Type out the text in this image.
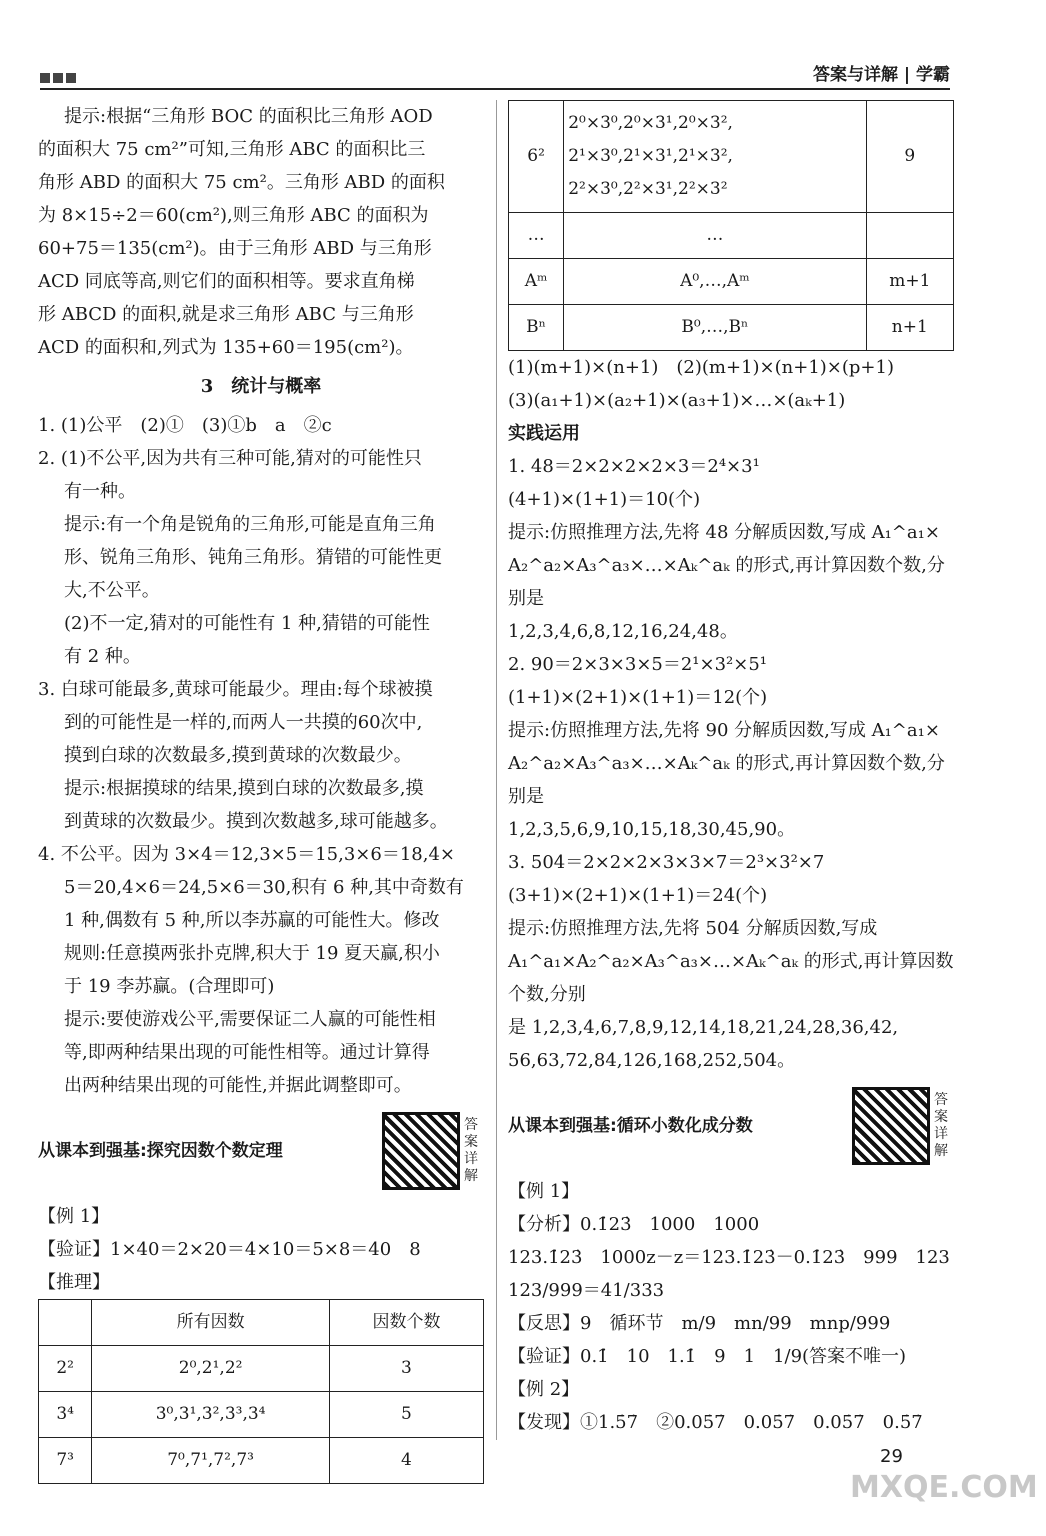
答案与详解 | 学霸

提示:根据“三角形 BOC 的面积比三角形 AOD

的面积大 75 cm²”可知,三角形 ABC 的面积比三

角形 ABD 的面积大 75 cm²。三角形 ABD 的面积

为 8×15÷2＝60(cm²),则三角形 ABC 的面积为

60+75＝135(cm²)。由于三角形 ABD 与三角形

ACD 同底等高,则它们的面积相等。要求直角梯

形 ABCD 的面积,就是求三角形 ABC 与三角形

ACD 的面积和,列式为 135+60＝195(cm²)。

3　统计与概率

1. (1)公平　(2)①　(3)①b　a　②c

2. (1)不公平,因为共有三种可能,猜对的可能性只

有一种。

提示:有一个角是锐角的三角形,可能是直角三角

形、锐角三角形、钝角三角形。猜错的可能性更

大,不公平。

(2)不一定,猜对的可能性有 1 种,猜错的可能性

有 2 种。

3. 白球可能最多,黄球可能最少。理由:每个球被摸

到的可能性是一样的,而两人一共摸的60次中,

摸到白球的次数最多,摸到黄球的次数最少。

提示:根据摸球的结果,摸到白球的次数最多,摸

到黄球的次数最少。摸到次数越多,球可能越多。

4. 不公平。因为 3×4＝12,3×5＝15,3×6＝18,4×

5＝20,4×6＝24,5×6＝30,积有 6 种,其中奇数有

1 种,偶数有 5 种,所以李苏赢的可能性大。修改

规则:任意摸两张扑克牌,积大于 19 夏天赢,积小

于 19 李苏赢。(合理即可)

提示:要使游戏公平,需要保证二人赢的可能性相

等,即两种结果出现的可能性相等。通过计算得

出两种结果出现的可能性,并据此调整即可。

从课本到强基:探究因数个数定理
答案详解

【例 1】

【验证】1×40＝2×20＝4×10＝5×8＝40　8

【推理】

	所有因数	因数个数
2²	2⁰,2¹,2²	3
3⁴	3⁰,3¹,3²,3³,3⁴	5
7³	7⁰,7¹,7²,7³	4
6²	2⁰×3⁰,2⁰×3¹,2⁰×3²,
2¹×3⁰,2¹×3¹,2¹×3²,
2²×3⁰,2²×3¹,2²×3²	9
…	…	
Aᵐ	A⁰,…,Aᵐ	m+1
Bⁿ	B⁰,…,Bⁿ	n+1

(1)(m+1)×(n+1)　(2)(m+1)×(n+1)×(p+1)

(3)(a₁+1)×(a₂+1)×(a₃+1)×…×(aₖ+1)

实践运用

1. 48＝2×2×2×2×3＝2⁴×3¹

(4+1)×(1+1)＝10(个)

提示:仿照推理方法,先将 48 分解质因数,写成 A₁^a₁×

A₂^a₂×A₃^a₃×…×Aₖ^aₖ 的形式,再计算因数个数,分别是

1,2,3,4,6,8,12,16,24,48。

2. 90＝2×3×3×5＝2¹×3²×5¹

(1+1)×(2+1)×(1+1)＝12(个)

提示:仿照推理方法,先将 90 分解质因数,写成 A₁^a₁×

A₂^a₂×A₃^a₃×…×Aₖ^aₖ 的形式,再计算因数个数,分别是

1,2,3,5,6,9,10,15,18,30,45,90。

3. 504＝2×2×2×3×3×7＝2³×3²×7

(3+1)×(2+1)×(1+1)＝24(个)

提示:仿照推理方法,先将 504 分解质因数,写成

A₁^a₁×A₂^a₂×A₃^a₃×…×Aₖ^aₖ 的形式,再计算因数个数,分别

是 1,2,3,4,6,7,8,9,12,14,18,21,24,28,36,42,

56,63,72,84,126,168,252,504。

从课本到强基:循环小数化成分数
答案详解

【例 1】

【分析】0.1̇23̇　1000　1000

123.1̇23̇　1000z－z＝123.1̇23̇－0.1̇23̇　999　123

123/999＝41/333

【反思】9　循环节　m/9　mn/99　mnp/999

【验证】0.1̇　10　1.1̇　9　1　1/9(答案不唯一)

【例 2】

【发现】①1.5̇7̇　②0.05̇7̇　0.05̇7̇　0.05̇7̇　0.5̇7̇

29
MXQE.COM
